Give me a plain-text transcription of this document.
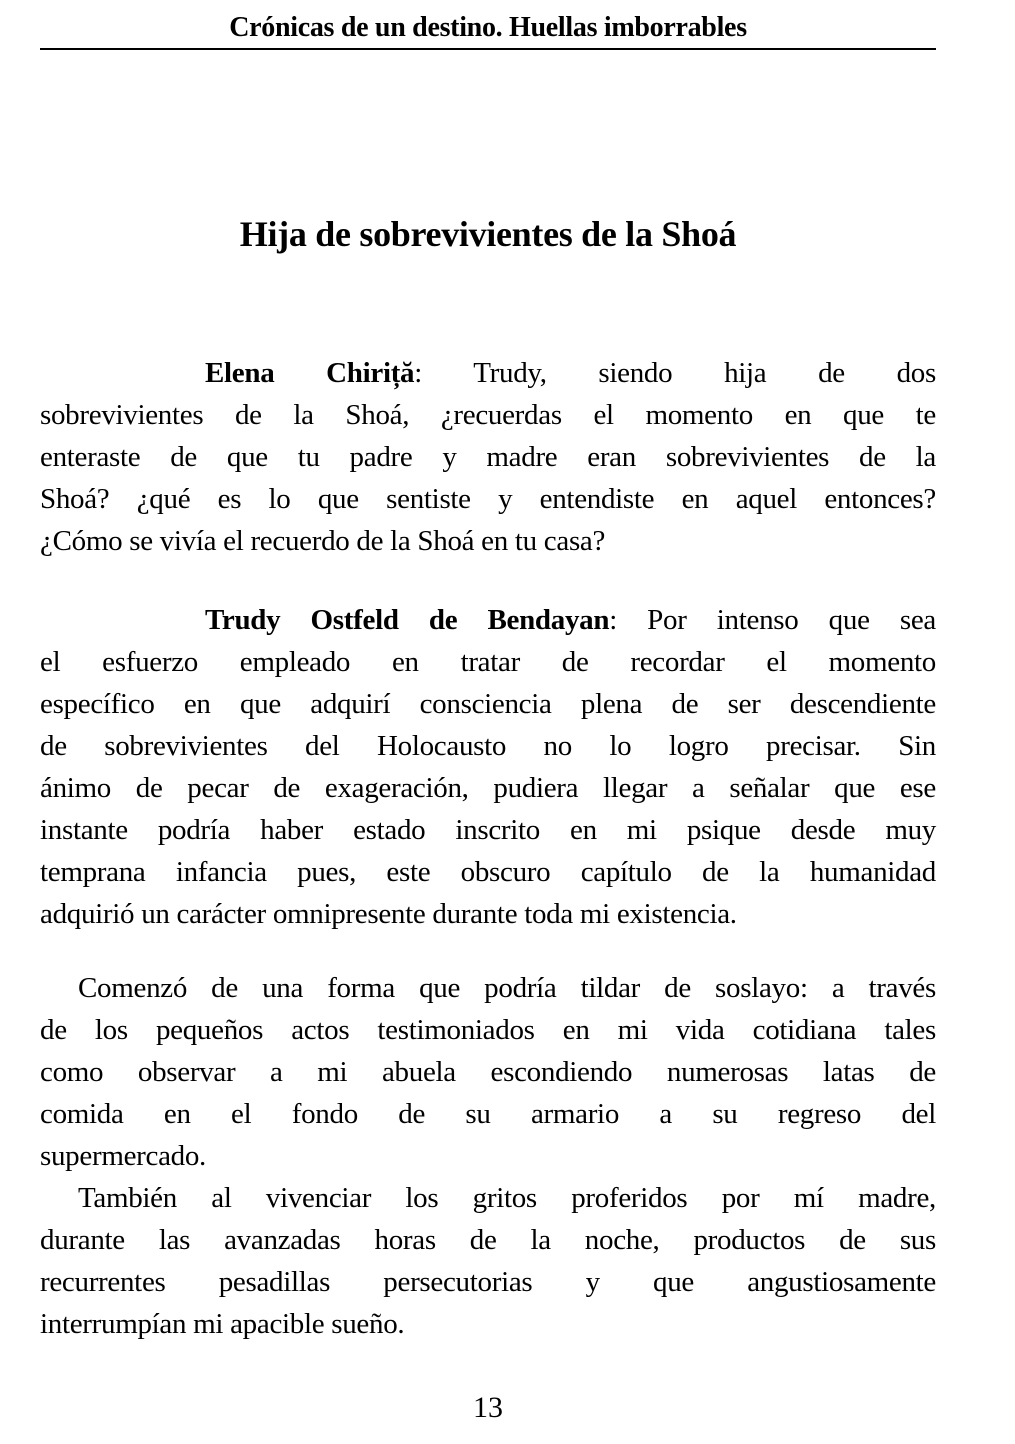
Crónicas de un destino. Huellas imborrables
Hija de sobrevivientes de la Shoá
Elena Chiriță: Trudy, siendo hija de dos
sobrevivientes de la Shoá, ¿recuerdas el momento en que te
enteraste de que tu padre y madre eran sobrevivientes de la
Shoá? ¿qué es lo que sentiste y entendiste en aquel entonces?
¿Cómo se vivía el recuerdo de la Shoá en tu casa?
Trudy Ostfeld de Bendayan: Por intenso que sea
el esfuerzo empleado en tratar de recordar el momento
específico en que adquirí consciencia plena de ser descendiente
de sobrevivientes del Holocausto no lo logro precisar. Sin
ánimo de pecar de exageración, pudiera llegar a señalar que ese
instante podría haber estado inscrito en mi psique desde muy
temprana infancia pues, este obscuro capítulo de la humanidad
adquirió un carácter omnipresente durante toda mi existencia.
Comenzó de una forma que podría tildar de soslayo: a través
de los pequeños actos testimoniados en mi vida cotidiana tales
como observar a mi abuela escondiendo numerosas latas de
comida en el fondo de su armario a su regreso del
supermercado.
También al vivenciar los gritos proferidos por mí madre,
durante las avanzadas horas de la noche, productos de sus
recurrentes pesadillas persecutorias y que angustiosamente
interrumpían mi apacible sueño.
13
